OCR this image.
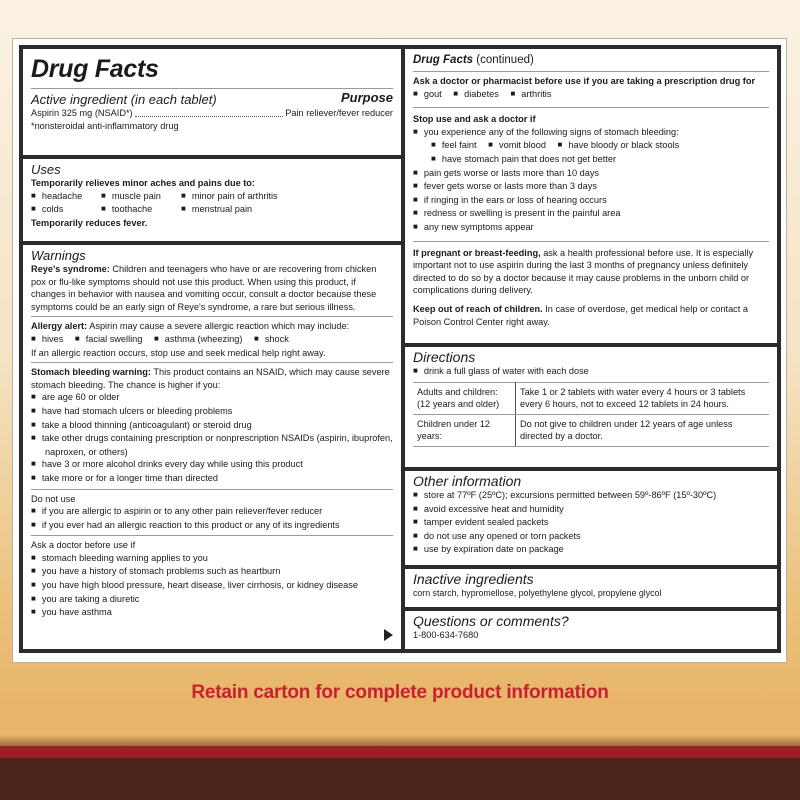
Drug Facts
Active ingredient (in each tablet)	Purpose
Aspirin 325 mg (NSAID*)	Pain reliever/fever reducer
*nonsteroidal anti-inflammatory drug
Uses
Temporarily relieves minor aches and pains due to:
■ headache	■ muscle pain	■ minor pain of arthritis
■ colds	■ toothache	■ menstrual pain
Temporarily reduces fever.
Warnings
Reye's syndrome: Children and teenagers who have or are recovering from chicken pox or flu-like symptoms should not use this product. When using this product, if changes in behavior with nausea and vomiting occur, consult a doctor because these symptoms could be an early sign of Reye's syndrome, a rare but serious illness.
Allergy alert: Aspirin may cause a severe allergic reaction which may include:
■ hives ■ facial swelling ■ asthma (wheezing) ■ shock
If an allergic reaction occurs, stop use and seek medical help right away.
Stomach bleeding warning: This product contains an NSAID, which may cause severe stomach bleeding. The chance is higher if you:
■ are age 60 or older
■ have had stomach ulcers or bleeding problems
■ take a blood thinning (anticoagulant) or steroid drug
■ take other drugs containing prescription or nonprescription NSAIDs (aspirin, ibuprofen, naproxen, or others)
■ have 3 or more alcohol drinks every day while using this product
■ take more or for a longer time than directed
Do not use
■ if you are allergic to aspirin or to any other pain reliever/fever reducer
■ if you ever had an allergic reaction to this product or any of its ingredients
Ask a doctor before use if
■ stomach bleeding warning applies to you
■ you have a history of stomach problems such as heartburn
■ you have high blood pressure, heart disease, liver cirrhosis, or kidney disease
■ you are taking a diuretic
■ you have asthma
Drug Facts (continued)
Ask a doctor or pharmacist before use if you are taking a prescription drug for
■ gout ■ diabetes ■ arthritis
Stop use and ask a doctor if
■ you experience any of the following signs of stomach bleeding:
■ feel faint ■ vomit blood ■ have bloody or black stools
■ have stomach pain that does not get better
■ pain gets worse or lasts more than 10 days
■ fever gets worse or lasts more than 3 days
■ if ringing in the ears or loss of hearing occurs
■ redness or swelling is present in the painful area
■ any new symptoms appear
If pregnant or breast-feeding, ask a health professional before use. It is especially important not to use aspirin during the last 3 months of pregnancy unless definitely directed to do so by a doctor because it may cause problems in the unborn child or complications during delivery.
Keep out of reach of children. In case of overdose, get medical help or contact a Poison Control Center right away.
Directions
■ drink a full glass of water with each dose
Adults and children: (12 years and older)	Take 1 or 2 tablets with water every 4 hours or 3 tablets every 6 hours, not to exceed 12 tablets in 24 hours.
Children under 12 years:	Do not give to children under 12 years of age unless directed by a doctor.
Other information
■ store at 77ºF (25ºC); excursions permitted between 59º-86ºF (15º-30ºC)
■ avoid excessive heat and humidity
■ tamper evident sealed packets
■ do not use any opened or torn packets
■ use by expiration date on package
Inactive ingredients
corn starch, hypromellose, polyethylene glycol, propylene glycol
Questions or comments?
1-800-634-7680
Retain carton for complete product information
